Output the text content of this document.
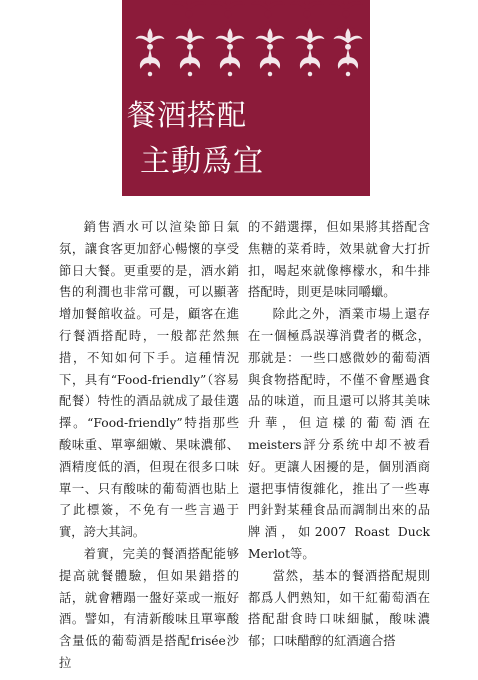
餐酒搭配
主動爲宜

銷售酒水可以渲染節日氣氛，讓食客更加舒心暢懷的享受節日大餐。更重要的是，酒水銷售的利潤也非常可觀，可以顯著增加餐館收益。可是，顧客在進行餐酒搭配時，一般都茫然無措，不知如何下手。這種情況下，具有“Food-friendly”（容易配餐）特性的酒品就成了最佳選擇。“Food-friendly”特指那些酸味重、單寧細嫩、果味濃郁、酒精度低的酒，但現在很多口味單一、只有酸味的葡萄酒也貼上了此標簽，不免有一些言過于實，誇大其詞。

着實，完美的餐酒搭配能够提高就餐體驗，但如果錯搭的話，就會糟蹋一盤好菜或一瓶好酒。譬如，有清新酸味且單寧酸含量低的葡萄酒是搭配frisée沙拉

的不錯選擇，但如果將其搭配含焦糖的菜肴時，效果就會大打折扣，喝起來就像檸檬水，和牛排搭配時，則更是味同嚼蠟。

除此之外，酒業市場上還存在一個極爲誤導消費者的概念，那就是：一些口感微妙的葡萄酒與食物搭配時，不僅不會壓過食品的味道，而且還可以將其美味升華，但這樣的葡萄酒在meisters評分系统中却不被看好。更讓人困擾的是，個別酒商還把事情復雜化，推出了一些專門針對某種食品而調制出來的品牌酒，如2007 Roast Duck Merlot等。

當然，基本的餐酒搭配規則都爲人們熟知，如干紅葡萄酒在搭配甜食時口味細膩，酸味濃郁；口味醋醇的紅酒適合搭
